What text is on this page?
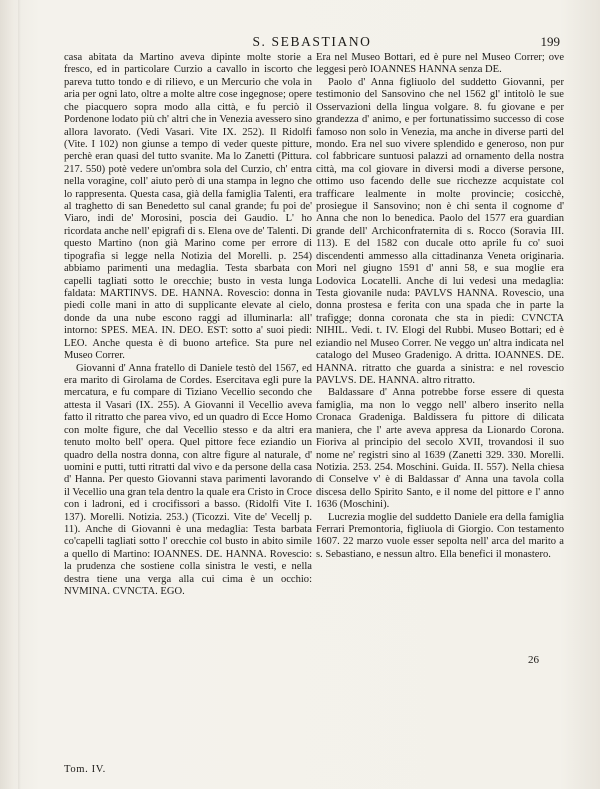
S. SEBASTIANO	199

casa abitata da Martino aveva dipinte molte storie a fresco, ed in particolare Curzio a cavallo in iscorto che pareva tutto tondo e di rilievo, e un Mercurio che vola in aria per ogni lato, oltre a molte altre cose ingegnose; opere che piacquero sopra modo alla città, e fu perciò il Pordenone lodato più ch' altri che in Venezia avessero sino allora lavorato. (Vedi Vasari. Vite IX. 252). Il Ridolfi (Vite. I 102) non giunse a tempo di veder queste pitture, perchè eran quasi del tutto svanite. Ma lo Zanetti (Pittura. 217. 550) potè vedere un'ombra sola del Curzio, ch' entra nella voragine, coll' aiuto però di una stampa in legno che lo rappresenta. Questa casa, già della famiglia Talenti, era al traghetto di san Benedetto sul canal grande; fu poi de' Viaro, indi de' Morosini, poscia dei Gaudio. L' ho ricordata anche nell' epigrafi di s. Elena ove de' Talenti. Di questo Martino (non già Marino come per errore di tipografia si legge nella Notizia del Morelli. p. 254) abbiamo parimenti una medaglia. Testa sbarbata con capelli tagliati sotto le orecchie; busto in vesta lunga faldata: MARTINVS. DE. HANNA. Rovescio: donna in piedi colle mani in atto di supplicante elevate al cielo, donde da una nube escono raggi ad illuminarla: all' intorno: SPES. MEA. IN. DEO. EST: sotto a' suoi piedi: LEO. Anche questa è di buono artefice. Sta pure nel Museo Correr.

Giovanni d' Anna fratello di Daniele testò del 1567, ed era marito di Girolama de Cordes. Esercitava egli pure la mercatura, e fu compare di Tiziano Vecellio secondo che attesta il Vasari (IX. 255). A Giovanni il Vecellio aveva fatto il ritratto che parea vivo, ed un quadro di Ecce Homo con molte figure, che dal Vecellio stesso e da altri era tenuto molto bell' opera. Quel pittore fece eziandio un quadro della nostra donna, con altre figure al naturale, d' uomini e putti, tutti ritratti dal vivo e da persone della casa d' Hanna. Per questo Giovanni stava parimenti lavorando il Vecellio una gran tela dentro la quale era Cristo in Croce con i ladroni, ed i crocifissori a basso. (Ridolfi Vite I. 137). Morelli. Notizia. 253.) (Ticozzi. Vite de' Vecellj p. 11). Anche di Giovanni è una medaglia: Testa barbata co'capelli tagliati sotto l' orecchie col busto in abito simile a quello di Martino: IOANNES. DE. HANNA. Rovescio: la prudenza che sostiene colla sinistra le vesti, e nella destra tiene una verga alla cui cima è un occhio: NVMINA. CVNCTA. EGO.

Era nel Museo Bottari, ed è pure nel Museo Correr; ove leggesi però IOANNES HANNA senza DE.

Paolo d' Anna figliuolo del suddetto Giovanni, per testimonio del Sansovino che nel 1562 gl' intitolò le sue Osservazioni della lingua volgare. 8. fu giovane e per grandezza d' animo, e per fortunatissimo successo di cose famoso non solo in Venezia, ma anche in diverse parti del mondo. Era nel suo vivere splendido e generoso, non pur col fabbricare suntuosi palazzi ad ornamento della nostra città, ma col giovare in diversi modi a diverse persone, ottimo uso facendo delle sue ricchezze acquistate col trafficare lealmente in molte provincie; cosicchè, prosiegue il Sansovino; non è chi senta il cognome d' Anna che non lo benedica. Paolo del 1577 era guardian grande dell' Archiconfraternita di s. Rocco (Soravia III. 113). E del 1582 con ducale otto aprile fu co' suoi discendenti ammesso alla cittadinanza Veneta originaria. Morì nel giugno 1591 d' anni 58, e sua moglie era Lodovica Locatelli. Anche di lui vedesi una medaglia: Testa giovanile nuda: PAVLVS HANNA. Rovescio, una donna prostesa e ferita con una spada che in parte la trafigge; donna coronata che sta in piedi: CVNCTA NIHIL. Vedi. t. IV. Elogi del Rubbi. Museo Bottari; ed è eziandio nel Museo Correr. Ne veggo un' altra indicata nel catalogo del Museo Gradenigo. A dritta. IOANNES. DE. HANNA. ritratto che guarda a sinistra: e nel rovescio PAVLVS. DE. HANNA. altro ritratto.

Baldassare d' Anna potrebbe forse essere di questa famiglia, ma non lo veggo nell' albero inserito nella Cronaca Gradeniga. Baldissera fu pittore di dilicata maniera, che l' arte aveva appresa da Lionardo Corona. Fioriva al principio del secolo XVII, trovandosi il suo nome ne' registri sino al 1639 (Zanetti 329. 330. Morelli. Notizia. 253. 254. Moschini. Guida. II. 557). Nella chiesa di Conselve v' è di Baldassar d' Anna una tavola colla discesa dello Spirito Santo, e il nome del pittore e l' anno 1636 (Moschini).

Lucrezia moglie del suddetto Daniele era della famiglia Ferrari Premontoria, figliuola di Giorgio. Con testamento 1607. 22 marzo vuole esser sepolta nell' arca del marito a s. Sebastiano, e nessun altro. Ella benefici il monastero.

Tom. IV.
26
